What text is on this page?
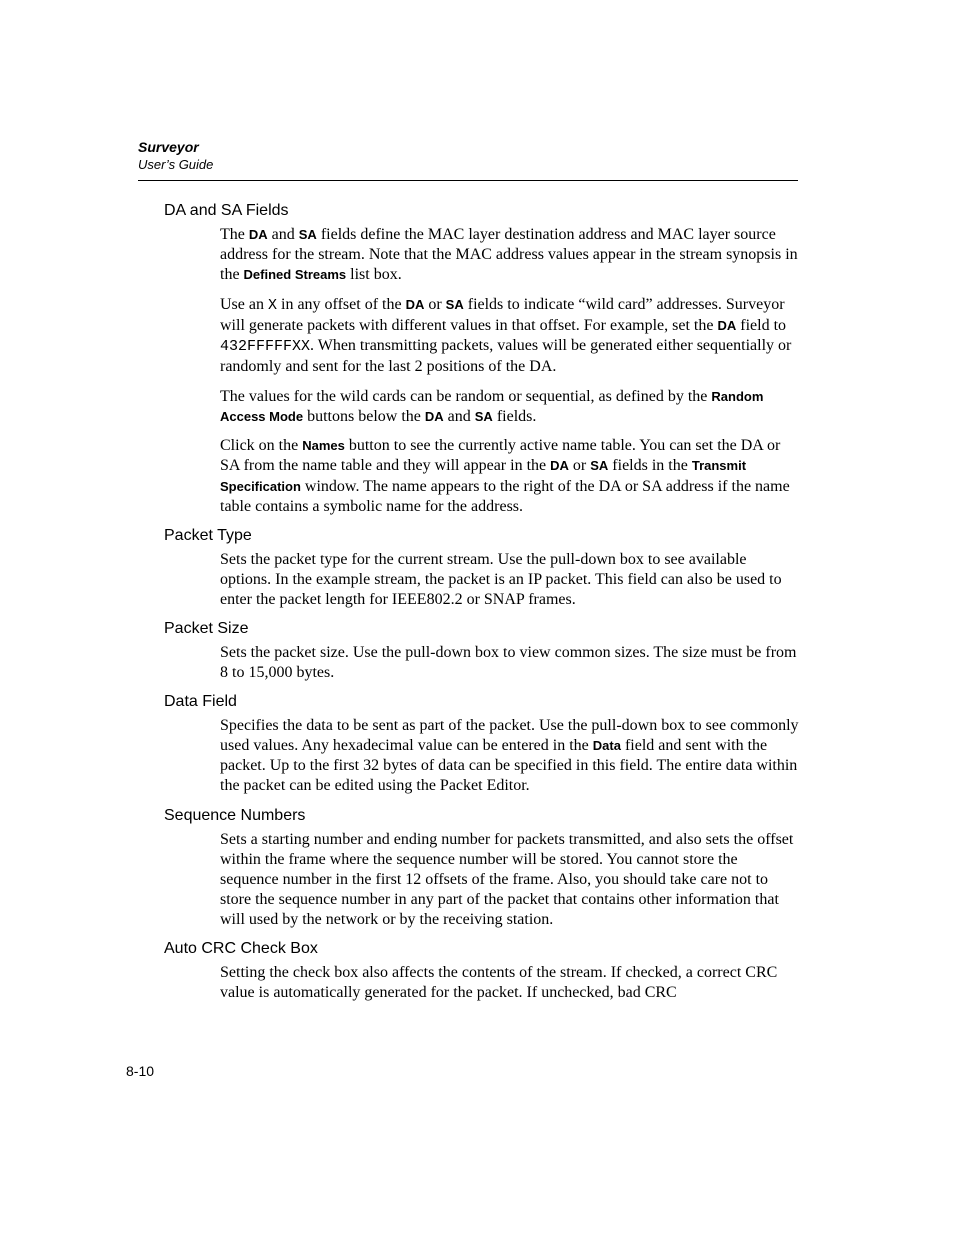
Surveyor
User’s Guide
DA and SA Fields

The DA and SA fields define the MAC layer destination address and MAC layer source address for the stream. Note that the MAC address values appear in the stream synopsis in the Defined Streams list box.

Use an X in any offset of the DA or SA fields to indicate “wild card” addresses. Surveyor will generate packets with different values in that offset. For example, set the DA field to 432FFFFFXX. When transmitting packets, values will be generated either sequentially or randomly and sent for the last 2 positions of the DA.

The values for the wild cards can be random or sequential, as defined by the Random Access Mode buttons below the DA and SA fields.

Click on the Names button to see the currently active name table. You can set the DA or SA from the name table and they will appear in the DA or SA fields in the Transmit Specification window. The name appears to the right of the DA or SA address if the name table contains a symbolic name for the address.

Packet Type

Sets the packet type for the current stream. Use the pull-down box to see available options. In the example stream, the packet is an IP packet. This field can also be used to enter the packet length for IEEE802.2 or SNAP frames.

Packet Size

Sets the packet size. Use the pull-down box to view common sizes. The size must be from 8 to 15,000 bytes.

Data Field

Specifies the data to be sent as part of the packet. Use the pull-down box to see commonly used values. Any hexadecimal value can be entered in the Data field and sent with the packet. Up to the first 32 bytes of data can be specified in this field. The entire data within the packet can be edited using the Packet Editor.

Sequence Numbers

Sets a starting number and ending number for packets transmitted, and also sets the offset within the frame where the sequence number will be stored. You cannot store the sequence number in the first 12 offsets of the frame. Also, you should take care not to store the sequence number in any part of the packet that contains other information that will used by the network or by the receiving station.

Auto CRC Check Box

Setting the check box also affects the contents of the stream. If checked, a correct CRC value is automatically generated for the packet. If unchecked, bad CRC

8-10
